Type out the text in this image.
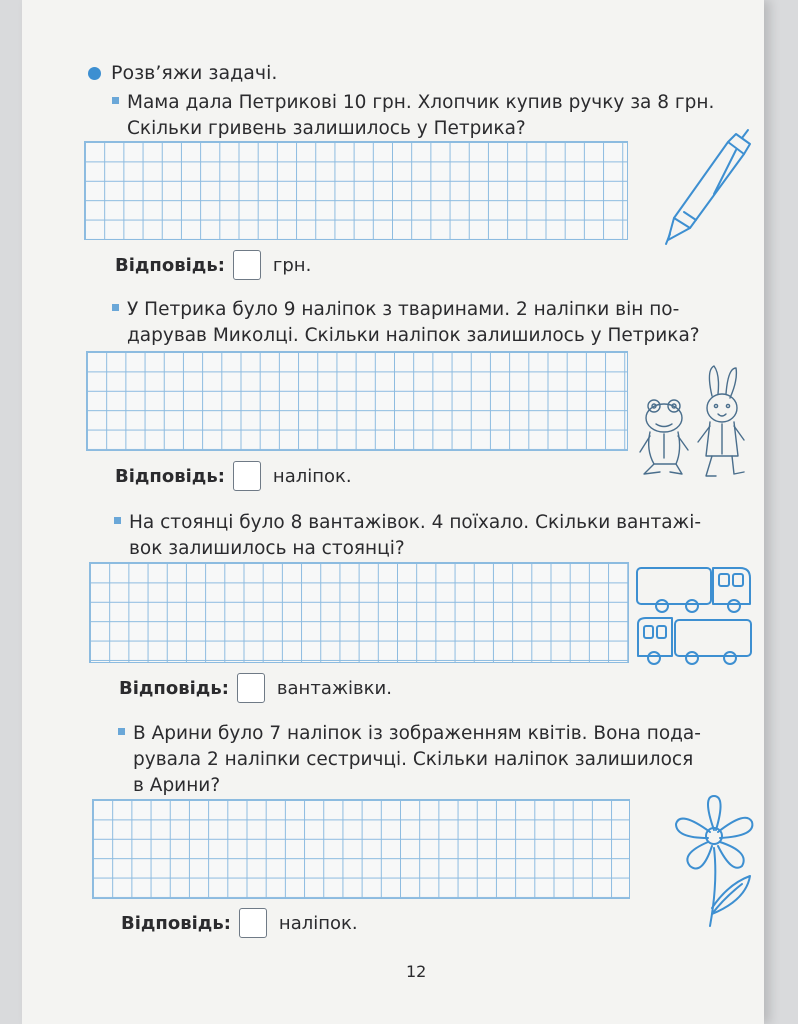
Розв’яжи задачі.
Мама дала Петрикові 10 грн. Хлопчик купив ручку за 8 грн.
Скільки гривень залишилось у Петрика?
Відповідь:	грн.
У Петрика було 9 наліпок з тваринами. 2 наліпки він по-
дарував Миколці. Скільки наліпок залишилось у Петрика?
Відповідь:	наліпок.
На стоянці було 8 вантажівок. 4 поїхало. Скільки вантажі-
вок залишилось на стоянці?
Відповідь:	вантажівки.
В Арини було 7 наліпок із зображенням квітів. Вона пода-
рувала 2 наліпки сестричці. Скільки наліпок залишилося
в Арини?
Відповідь:	наліпок.
12
